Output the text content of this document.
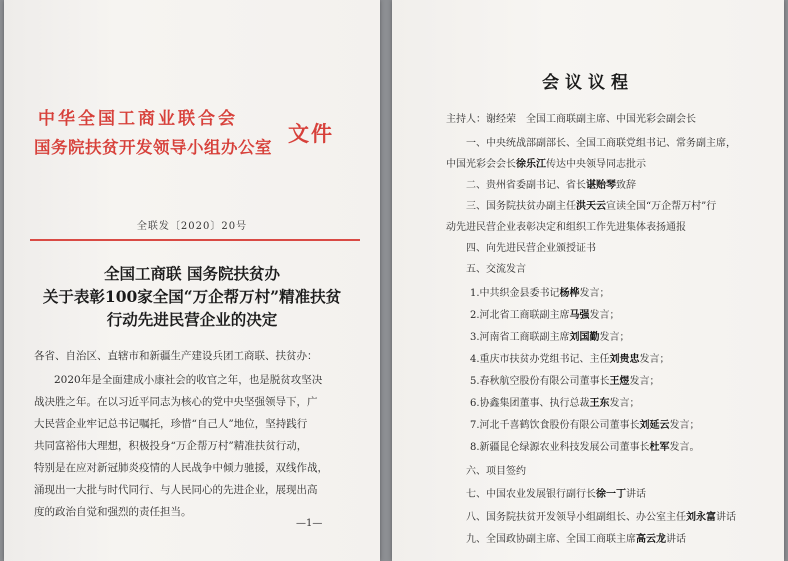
中华全国工商业联合会
国务院扶贫开发领导小组办公室
文件
全联发〔2020〕20号
全国工商联 国务院扶贫办
关于表彰100家全国“万企帮万村”精准扶贫
行动先进民营企业的决定
各省、自治区、直辖市和新疆生产建设兵团工商联、扶贫办：
2020年是全面建成小康社会的收官之年，也是脱贫攻坚决
战决胜之年。在以习近平同志为核心的党中央坚强领导下，广
大民营企业牢记总书记嘱托，珍惜“自己人”地位，坚持践行
共同富裕伟大理想，积极投身“万企帮万村”精准扶贫行动，
特别是在应对新冠肺炎疫情的人民战争中倾力驰援，双线作战，
涌现出一大批与时代同行、与人民同心的先进企业，展现出高
度的政治自觉和强烈的责任担当。
—1—
会议议程
主持人：谢经荣　全国工商联副主席、中国光彩会副会长
一、中央统战部副部长、全国工商联党组书记、常务副主席，
中国光彩会会长徐乐江传达中央领导同志批示
二、贵州省委副书记、省长谌贻琴致辞
三、国务院扶贫办副主任洪天云宣读全国“万企帮万村”行
动先进民营企业表彰决定和组织工作先进集体表扬通报
四、向先进民营企业颁授证书
五、交流发言
1.中共织金县委书记杨桦发言；
2.河北省工商联副主席马强发言；
3.河南省工商联副主席刘国勤发言；
4.重庆市扶贫办党组书记、主任刘贵忠发言；
5.春秋航空股份有限公司董事长王煜发言；
6.协鑫集团董事、执行总裁王东发言；
7.河北千喜鹤饮食股份有限公司董事长刘延云发言；
8.新疆昆仑绿源农业科技发展公司董事长杜军发言。
六、项目签约
七、中国农业发展银行副行长徐一丁讲话
八、国务院扶贫开发领导小组副组长、办公室主任刘永富讲话
九、全国政协副主席、全国工商联主席高云龙讲话
